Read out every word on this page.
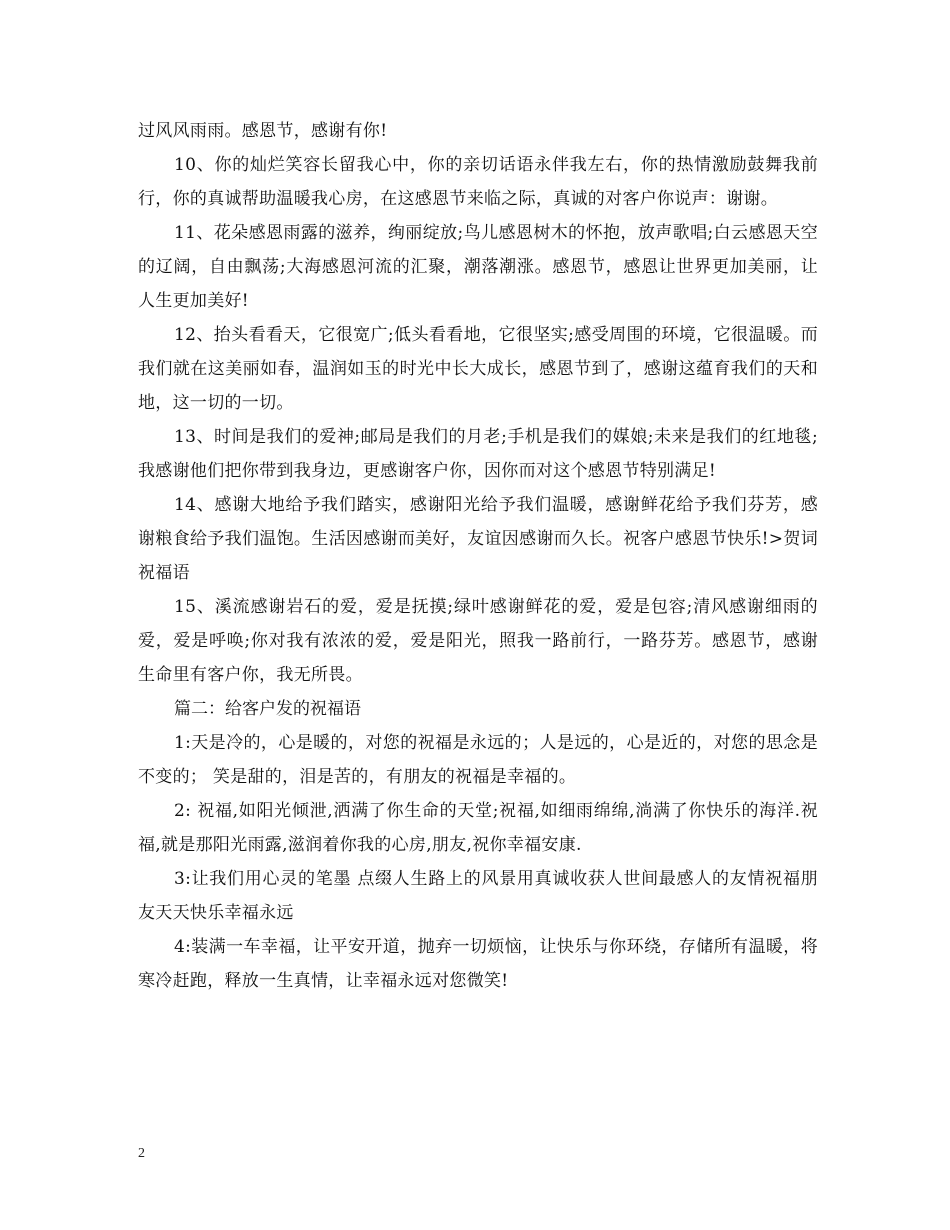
过风风雨雨。感恩节，感谢有你!

10、你的灿烂笑容长留我心中，你的亲切话语永伴我左右，你的热情激励鼓舞我前行，你的真诚帮助温暖我心房，在这感恩节来临之际，真诚的对客户你说声：谢谢。

11、花朵感恩雨露的滋养，绚丽绽放;鸟儿感恩树木的怀抱，放声歌唱;白云感恩天空的辽阔，自由飘荡;大海感恩河流的汇聚，潮落潮涨。感恩节，感恩让世界更加美丽，让人生更加美好!

12、抬头看看天，它很宽广;低头看看地，它很坚实;感受周围的环境，它很温暖。而我们就在这美丽如春，温润如玉的时光中长大成长，感恩节到了，感谢这蕴育我们的天和地，这一切的一切。

13、时间是我们的爱神;邮局是我们的月老;手机是我们的媒娘;未来是我们的红地毯;我感谢他们把你带到我身边，更感谢客户你，因你而对这个感恩节特别满足!

14、感谢大地给予我们踏实，感谢阳光给予我们温暖，感谢鲜花给予我们芬芳，感谢粮食给予我们温饱。生活因感谢而美好，友谊因感谢而久长。祝客户感恩节快乐!>贺词祝福语

15、溪流感谢岩石的爱，爱是抚摸;绿叶感谢鲜花的爱，爱是包容;清风感谢细雨的爱，爱是呼唤;你对我有浓浓的爱，爱是阳光，照我一路前行，一路芬芳。感恩节，感谢生命里有客户你，我无所畏。

篇二：给客户发的祝福语

1:天是冷的，心是暖的，对您的祝福是永远的；人是远的，心是近的，对您的思念是不变的； 笑是甜的，泪是苦的，有朋友的祝福是幸福的。

2: 祝福,如阳光倾泄,洒满了你生命的天堂;祝福,如细雨绵绵,淌满了你快乐的海洋.祝福,就是那阳光雨露,滋润着你我的心房,朋友,祝你幸福安康.

3:让我们用心灵的笔墨 点缀人生路上的风景用真诚收获人世间最感人的友情祝福朋友天天快乐幸福永远

4:装满一车幸福，让平安开道，抛弃一切烦恼，让快乐与你环绕，存储所有温暖，将寒冷赶跑，释放一生真情，让幸福永远对您微笑!

2
